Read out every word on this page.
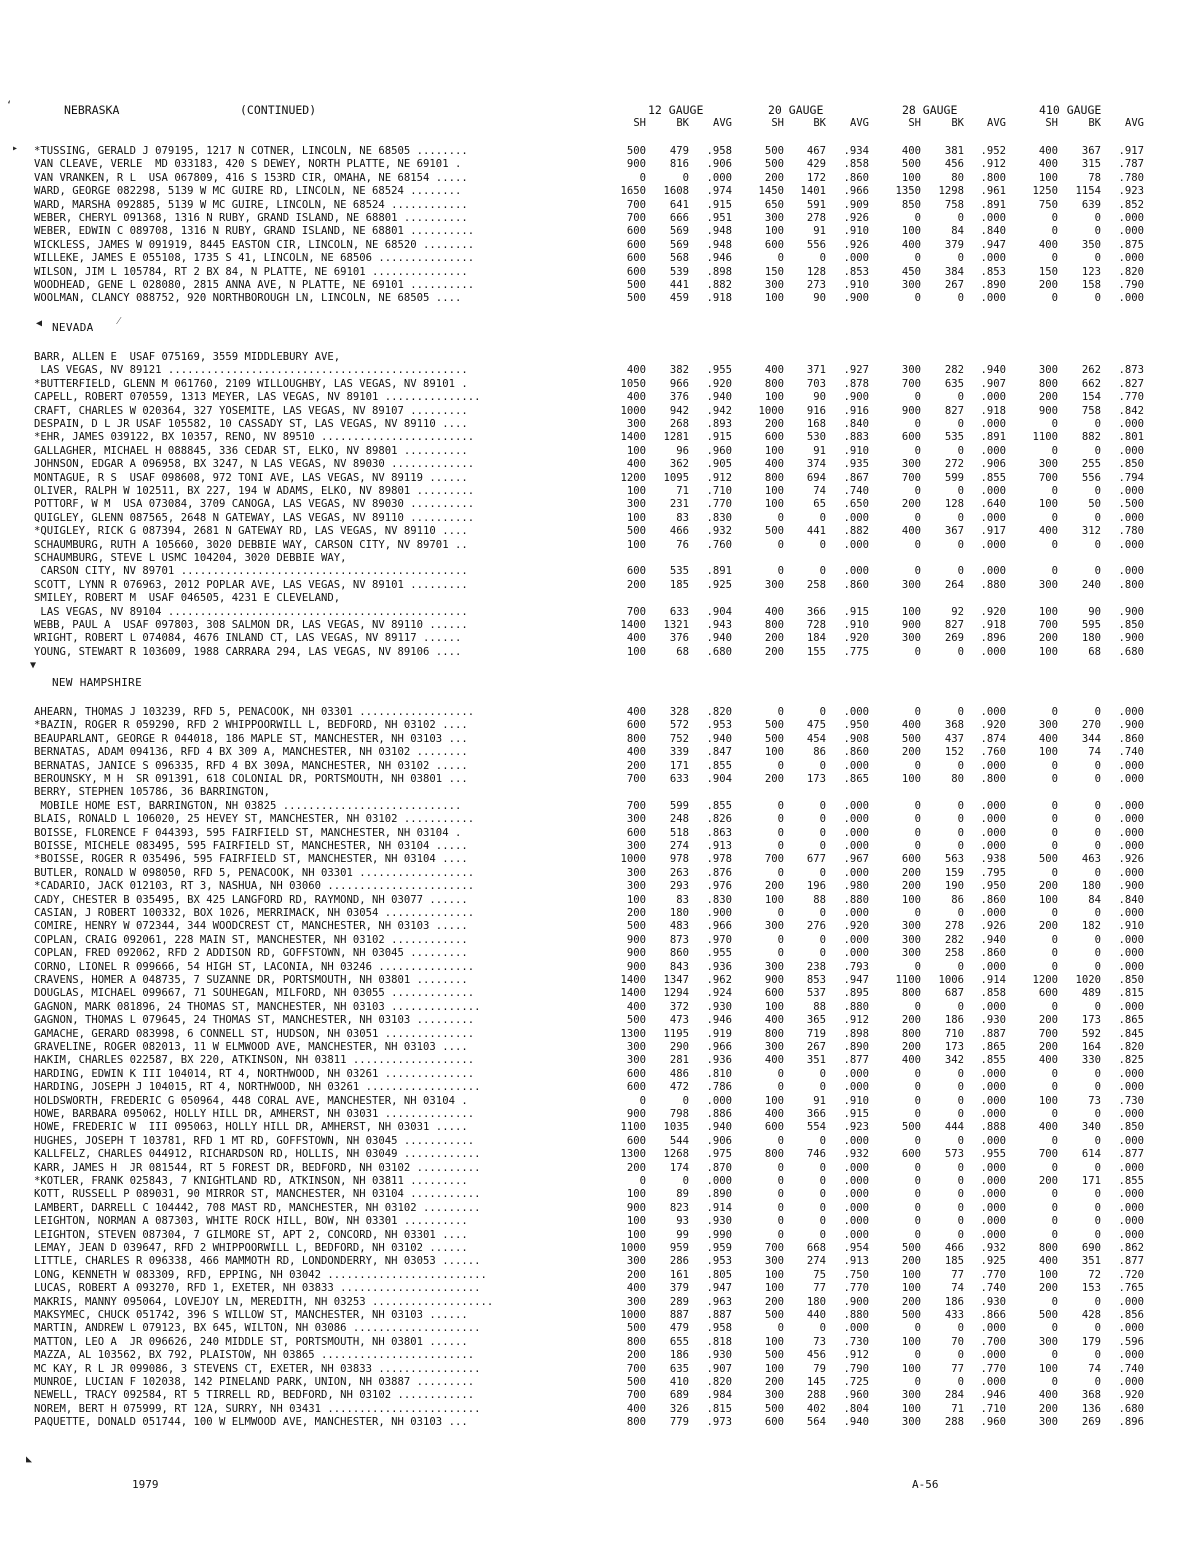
NEBRASKA	(CONTINUED)	12 GAUGE	20 GAUGE	28 GAUGE	410 GAUGE
SH	BK	AVG	SH	BK	AVG	SH	BK	AVG	SH	BK	AVG
*TUSSING, GERALD J 079195, 1217 N COTNER, LINCOLN, NE 68505 ........	500	479	.958	500	467	.934	400	381	.952	400	367	.917
VAN CLEAVE, VERLE  MD 033183, 420 S DEWEY, NORTH PLATTE, NE 69101 .	900	816	.906	500	429	.858	500	456	.912	400	315	.787
VAN VRANKEN, R L  USA 067809, 416 S 153RD CIR, OMAHA, NE 68154 .....	0	0	.000	200	172	.860	100	80	.800	100	78	.780
WARD, GEORGE 082298, 5139 W MC GUIRE RD, LINCOLN, NE 68524 ........	1650	1608	.974	1450	1401	.966	1350	1298	.961	1250	1154	.923
WARD, MARSHA 092885, 5139 W MC GUIRE, LINCOLN, NE 68524 ............	700	641	.915	650	591	.909	850	758	.891	750	639	.852
WEBER, CHERYL 091368, 1316 N RUBY, GRAND ISLAND, NE 68801 ..........	700	666	.951	300	278	.926	0	0	.000	0	0	.000
WEBER, EDWIN C 089708, 1316 N RUBY, GRAND ISLAND, NE 68801 ..........	600	569	.948	100	91	.910	100	84	.840	0	0	.000
WICKLESS, JAMES W 091919, 8445 EASTON CIR, LINCOLN, NE 68520 ........	600	569	.948	600	556	.926	400	379	.947	400	350	.875
WILLEKE, JAMES E 055108, 1735 S 41, LINCOLN, NE 68506 ...............	600	568	.946	0	0	.000	0	0	.000	0	0	.000
WILSON, JIM L 105784, RT 2 BX 84, N PLATTE, NE 69101 ...............	600	539	.898	150	128	.853	450	384	.853	150	123	.820
WOODHEAD, GENE L 028080, 2815 ANNA AVE, N PLATTE, NE 69101 ..........	500	441	.882	300	273	.910	300	267	.890	200	158	.790
WOOLMAN, CLANCY 088752, 920 NORTHBOROUGH LN, LINCOLN, NE 68505 ....	500	459	.918	100	90	.900	0	0	.000	0	0	.000
NEVADA
BARR, ALLEN E  USAF 075169, 3559 MIDDLEBURY AVE,
LAS VEGAS, NV 89121 ...............................................	400	382	.955	400	371	.927	300	282	.940	300	262	.873
*BUTTERFIELD, GLENN M 061760, 2109 WILLOUGHBY, LAS VEGAS, NV 89101 .	1050	966	.920	800	703	.878	700	635	.907	800	662	.827
CAPELL, ROBERT 070559, 1313 MEYER, LAS VEGAS, NV 89101 ...............	400	376	.940	100	90	.900	0	0	.000	200	154	.770
CRAFT, CHARLES W 020364, 327 YOSEMITE, LAS VEGAS, NV 89107 .........	1000	942	.942	1000	916	.916	900	827	.918	900	758	.842
DESPAIN, D L JR USAF 105582, 10 CASSADY ST, LAS VEGAS, NV 89110 ....	300	268	.893	200	168	.840	0	0	.000	0	0	.000
*EHR, JAMES 039122, BX 10357, RENO, NV 89510 ........................	1400	1281	.915	600	530	.883	600	535	.891	1100	882	.801
GALLAGHER, MICHAEL H 088845, 336 CEDAR ST, ELKO, NV 89801 ..........	100	96	.960	100	91	.910	0	0	.000	0	0	.000
JOHNSON, EDGAR A 096958, BX 3247, N LAS VEGAS, NV 89030 .............	400	362	.905	400	374	.935	300	272	.906	300	255	.850
MONTAGUE, R S  USAF 098608, 972 TONI AVE, LAS VEGAS, NV 89119 ......	1200	1095	.912	800	694	.867	700	599	.855	700	556	.794
OLIVER, RALPH W 102511, BX 227, 194 W ADAMS, ELKO, NV 89801 .........	100	71	.710	100	74	.740	0	0	.000	0	0	.000
POTTORF, W M  USA 073084, 3709 CANOGA, LAS VEGAS, NV 89030 ..........	300	231	.770	100	65	.650	200	128	.640	100	50	.500
QUIGLEY, GLENN 087565, 2648 N GATEWAY, LAS VEGAS, NV 89110 ..........	100	83	.830	0	0	.000	0	0	.000	0	0	.000
*QUIGLEY, RICK G 087394, 2681 N GATEWAY RD, LAS VEGAS, NV 89110 ....	500	466	.932	500	441	.882	400	367	.917	400	312	.780
SCHAUMBURG, RUTH A 105660, 3020 DEBBIE WAY, CARSON CITY, NV 89701 ..	100	76	.760	0	0	.000	0	0	.000	0	0	.000
SCHAUMBURG, STEVE L USMC 104204, 3020 DEBBIE WAY,
CARSON CITY, NV 89701 .............................................	600	535	.891	0	0	.000	0	0	.000	0	0	.000
SCOTT, LYNN R 076963, 2012 POPLAR AVE, LAS VEGAS, NV 89101 .........	200	185	.925	300	258	.860	300	264	.880	300	240	.800
SMILEY, ROBERT M  USAF 046505, 4231 E CLEVELAND,
LAS VEGAS, NV 89104 ...............................................	700	633	.904	400	366	.915	100	92	.920	100	90	.900
WEBB, PAUL A  USAF 097803, 308 SALMON DR, LAS VEGAS, NV 89110 ......	1400	1321	.943	800	728	.910	900	827	.918	700	595	.850
WRIGHT, ROBERT L 074084, 4676 INLAND CT, LAS VEGAS, NV 89117 ......	400	376	.940	200	184	.920	300	269	.896	200	180	.900
YOUNG, STEWART R 103609, 1988 CARRARA 294, LAS VEGAS, NV 89106 ....	100	68	.680	200	155	.775	0	0	.000	100	68	.680
NEW HAMPSHIRE
AHEARN, THOMAS J 103239, RFD 5, PENACOOK, NH 03301 ..................	400	328	.820	0	0	.000	0	0	.000	0	0	.000
*BAZIN, ROGER R 059290, RFD 2 WHIPPOORWILL L, BEDFORD, NH 03102 ....	600	572	.953	500	475	.950	400	368	.920	300	270	.900
BEAUPARLANT, GEORGE R 044018, 186 MAPLE ST, MANCHESTER, NH 03103 ...	800	752	.940	500	454	.908	500	437	.874	400	344	.860
BERNATAS, ADAM 094136, RFD 4 BX 309 A, MANCHESTER, NH 03102 ........	400	339	.847	100	86	.860	200	152	.760	100	74	.740
BERNATAS, JANICE S 096335, RFD 4 BX 309A, MANCHESTER, NH 03102 .....	200	171	.855	0	0	.000	0	0	.000	0	0	.000
BEROUNSKY, M H  SR 091391, 618 COLONIAL DR, PORTSMOUTH, NH 03801 ...	700	633	.904	200	173	.865	100	80	.800	0	0	.000
BERRY, STEPHEN 105786, 36 BARRINGTON,
MOBILE HOME EST, BARRINGTON, NH 03825 ............................	700	599	.855	0	0	.000	0	0	.000	0	0	.000
BLAIS, RONALD L 106020, 25 HEVEY ST, MANCHESTER, NH 03102 ...........	300	248	.826	0	0	.000	0	0	.000	0	0	.000
BOISSE, FLORENCE F 044393, 595 FAIRFIELD ST, MANCHESTER, NH 03104 .	600	518	.863	0	0	.000	0	0	.000	0	0	.000
BOISSE, MICHELE 083495, 595 FAIRFIELD ST, MANCHESTER, NH 03104 .....	300	274	.913	0	0	.000	0	0	.000	0	0	.000
*BOISSE, ROGER R 035496, 595 FAIRFIELD ST, MANCHESTER, NH 03104 ....	1000	978	.978	700	677	.967	600	563	.938	500	463	.926
BUTLER, RONALD W 098050, RFD 5, PENACOOK, NH 03301 ..................	300	263	.876	0	0	.000	200	159	.795	0	0	.000
*CADARIO, JACK 012103, RT 3, NASHUA, NH 03060 .......................	300	293	.976	200	196	.980	200	190	.950	200	180	.900
CADY, CHESTER B 035495, BX 425 LANGFORD RD, RAYMOND, NH 03077 ......	100	83	.830	100	88	.880	100	86	.860	100	84	.840
CASIAN, J ROBERT 100332, BOX 1026, MERRIMACK, NH 03054 ..............	200	180	.900	0	0	.000	0	0	.000	0	0	.000
COMIRE, HENRY W 072344, 344 WOODCREST CT, MANCHESTER, NH 03103 .....	500	483	.966	300	276	.920	300	278	.926	200	182	.910
COPLAN, CRAIG 092061, 228 MAIN ST, MANCHESTER, NH 03102 ............	900	873	.970	0	0	.000	300	282	.940	0	0	.000
COPLAN, FRED 092062, RFD 2 ADDISON RD, GOFFSTOWN, NH 03045 .........	900	860	.955	0	0	.000	300	258	.860	0	0	.000
CORNO, LIONEL R 099666, 54 HIGH ST, LACONIA, NH 03246 ...............	900	843	.936	300	238	.793	0	0	.000	0	0	.000
CRAVENS, HOMER A 048735, 7 SUZANNE DR, PORTSMOUTH, NH 03801 ........	1400	1347	.962	900	853	.947	1100	1006	.914	1200	1020	.850
DOUGLAS, MICHAEL 099667, 71 SOUHEGAN, MILFORD, NH 03055 .............	1400	1294	.924	600	537	.895	800	687	.858	600	489	.815
GAGNON, MARK 081896, 24 THOMAS ST, MANCHESTER, NH 03103 ..............	400	372	.930	100	88	.880	0	0	.000	0	0	.000
GAGNON, THOMAS L 079645, 24 THOMAS ST, MANCHESTER, NH 03103 .........	500	473	.946	400	365	.912	200	186	.930	200	173	.865
GAMACHE, GERARD 083998, 6 CONNELL ST, HUDSON, NH 03051 ..............	1300	1195	.919	800	719	.898	800	710	.887	700	592	.845
GRAVELINE, ROGER 082013, 11 W ELMWOOD AVE, MANCHESTER, NH 03103 ....	300	290	.966	300	267	.890	200	173	.865	200	164	.820
HAKIM, CHARLES 022587, BX 220, ATKINSON, NH 03811 ...................	300	281	.936	400	351	.877	400	342	.855	400	330	.825
HARDING, EDWIN K III 104014, RT 4, NORTHWOOD, NH 03261 ..............	600	486	.810	0	0	.000	0	0	.000	0	0	.000
HARDING, JOSEPH J 104015, RT 4, NORTHWOOD, NH 03261 ..................	600	472	.786	0	0	.000	0	0	.000	0	0	.000
HOLDSWORTH, FREDERIC G 050964, 448 CORAL AVE, MANCHESTER, NH 03104 .	0	0	.000	100	91	.910	0	0	.000	100	73	.730
HOWE, BARBARA 095062, HOLLY HILL DR, AMHERST, NH 03031 ..............	900	798	.886	400	366	.915	0	0	.000	0	0	.000
HOWE, FREDERIC W  III 095063, HOLLY HILL DR, AMHERST, NH 03031 .....	1100	1035	.940	600	554	.923	500	444	.888	400	340	.850
HUGHES, JOSEPH T 103781, RFD 1 MT RD, GOFFSTOWN, NH 03045 ...........	600	544	.906	0	0	.000	0	0	.000	0	0	.000
KALLFELZ, CHARLES 044912, RICHARDSON RD, HOLLIS, NH 03049 ............	1300	1268	.975	800	746	.932	600	573	.955	700	614	.877
KARR, JAMES H  JR 081544, RT 5 FOREST DR, BEDFORD, NH 03102 ..........	200	174	.870	0	0	.000	0	0	.000	0	0	.000
*KOTLER, FRANK 025843, 7 KNIGHTLAND RD, ATKINSON, NH 03811 .........	0	0	.000	0	0	.000	0	0	.000	200	171	.855
KOTT, RUSSELL P 089031, 90 MIRROR ST, MANCHESTER, NH 03104 ...........	100	89	.890	0	0	.000	0	0	.000	0	0	.000
LAMBERT, DARRELL C 104442, 708 MAST RD, MANCHESTER, NH 03102 .........	900	823	.914	0	0	.000	0	0	.000	0	0	.000
LEIGHTON, NORMAN A 087303, WHITE ROCK HILL, BOW, NH 03301 ..........	100	93	.930	0	0	.000	0	0	.000	0	0	.000
LEIGHTON, STEVEN 087304, 7 GILMORE ST, APT 2, CONCORD, NH 03301 ....	100	99	.990	0	0	.000	0	0	.000	0	0	.000
LEMAY, JEAN D 039647, RFD 2 WHIPPOORWILL L, BEDFORD, NH 03102 ......	1000	959	.959	700	668	.954	500	466	.932	800	690	.862
LITTLE, CHARLES R 096338, 466 MAMMOTH RD, LONDONDERRY, NH 03053 ......	300	286	.953	300	274	.913	200	185	.925	400	351	.877
LONG, KENNETH W 083309, RFD, EPPING, NH 03042 .........................	200	161	.805	100	75	.750	100	77	.770	100	72	.720
LUCAS, ROBERT A 093270, RFD 1, EXETER, NH 03833 ......................	400	379	.947	100	77	.770	100	74	.740	200	153	.765
MAKRIS, MANNY 095064, LOVEJOY LN, MEREDITH, NH 03253 ...................	300	289	.963	200	180	.900	200	186	.930	0	0	.000
MAKSYMEC, CHUCK 051742, 396 S WILLOW ST, MANCHESTER, NH 03103 ......	1000	887	.887	500	440	.880	500	433	.866	500	428	.856
MARTIN, ANDREW L 079123, BX 645, WILTON, NH 03086 ....................	500	479	.958	0	0	.000	0	0	.000	0	0	.000
MATTON, LEO A  JR 096626, 240 MIDDLE ST, PORTSMOUTH, NH 03801 ......	800	655	.818	100	73	.730	100	70	.700	300	179	.596
MAZZA, AL 103562, BX 792, PLAISTOW, NH 03865 ........................	200	186	.930	500	456	.912	0	0	.000	0	0	.000
MC KAY, R L JR 099086, 3 STEVENS CT, EXETER, NH 03833 ................	700	635	.907	100	79	.790	100	77	.770	100	74	.740
MUNROE, LUCIAN F 102038, 142 PINELAND PARK, UNION, NH 03887 .........	500	410	.820	200	145	.725	0	0	.000	0	0	.000
NEWELL, TRACY 092584, RT 5 TIRRELL RD, BEDFORD, NH 03102 ............	700	689	.984	300	288	.960	300	284	.946	400	368	.920
NOREM, BERT H 075999, RT 12A, SURRY, NH 03431 ........................	400	326	.815	500	402	.804	100	71	.710	200	136	.680
PAQUETTE, DONALD 051744, 100 W ELMWOOD AVE, MANCHESTER, NH 03103 ...	800	779	.973	600	564	.940	300	288	.960	300	269	.896
1979	A-56
‘
▸
◀	⁄
▼
◣
